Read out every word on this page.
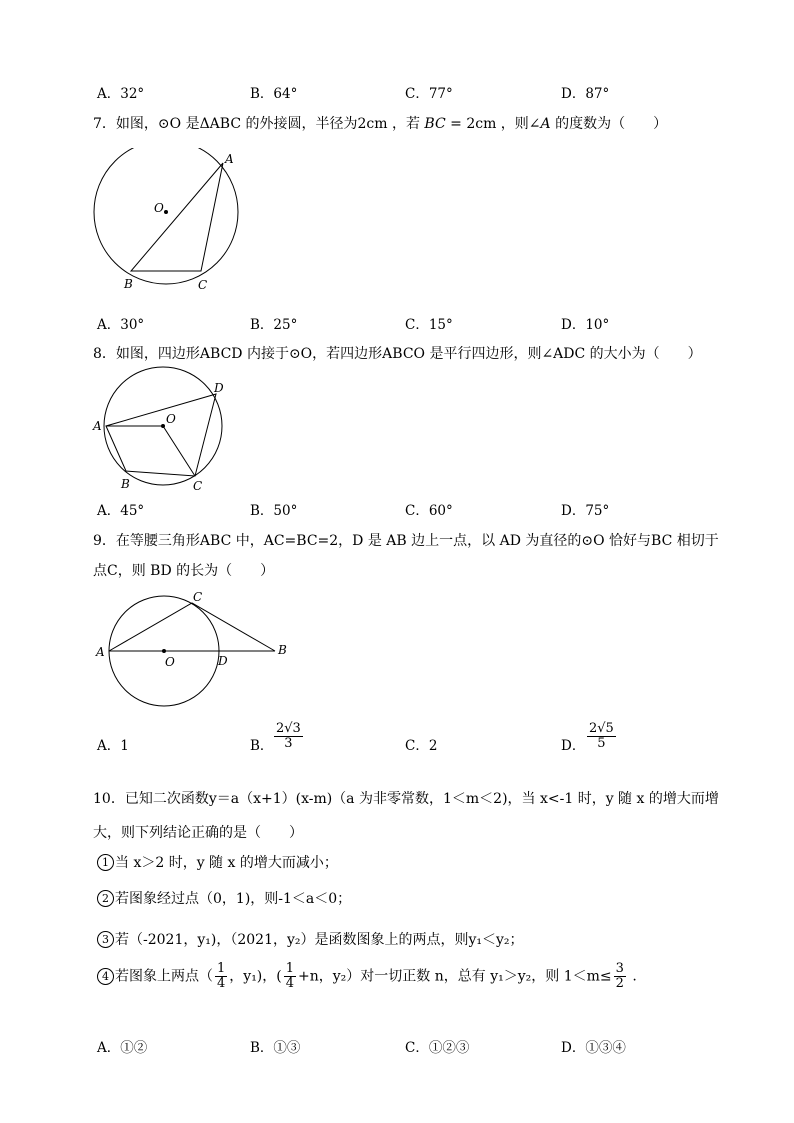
A．32°	B．64°	C．77°	D．87°
7．如图，⊙O 是ΔABC 的外接圆，半径为2cm ，若 BC = 2cm ，则∠A 的度数为（　　）
A
B	C
O
A．30°	B．25°	C．15°	D．10°
8．如图，四边形ABCD 内接于⊙O，若四边形ABCO 是平行四边形，则∠ADC 的大小为（　　）
A
B	C
D
O
A．45°	B．50°	C．60°	D．75°
9．在等腰三角形ABC 中，AC=BC=2，D 是 AB 边上一点，以 AD 为直径的⊙O 恰好与BC 相切于
点C，则 BD 的长为（　　）
A	B
C
D
O
A．1	B． $\frac{2√3}{3}$	C．2	D． $\frac{2√5}{5}$
10．已知二次函数y＝a（x+1）(x-m)（a 为非零常数，1＜m＜2)，当 x<-1 时，y 随 x 的增大而增
大，则下列结论正确的是（　　）
1 当 x＞2 时，y 随 x 的增大而减小；
2 若图象经过点（0，1)，则-1＜a＜0；
3 若（-2021，y₁)，（2021，y₂）是函数图象上的两点，则y₁＜y₂；
4 若图象上两点（ $\frac{1}{4}$ ，y₁)，( $\frac{1}{4} +n$，y₂）对一切正数 n，总有 y₁＞y₂，则 $1<m\le \frac{3}{2}$ .
A．①②	B．①③	C．①②③	D．①③④
